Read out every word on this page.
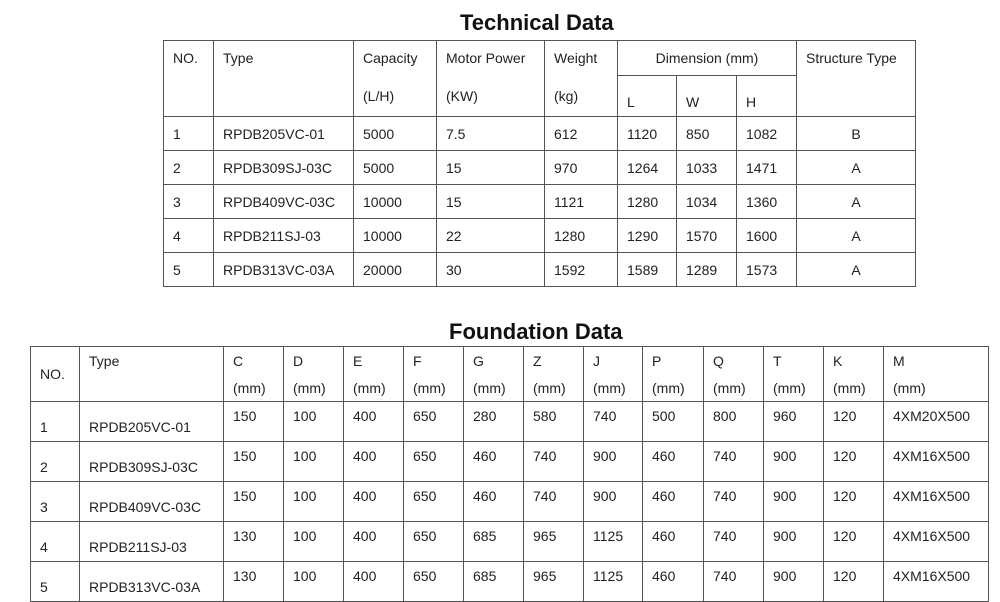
Technical Data
NO.	Type	Capacity	Motor Power	Weight	Dimension (mm)			Structure Type
		(L/H)	(KW)	(kg)	L	W	H	
1	RPDB205VC-01	5000	7.5	612	1120	850	1082	B
2	RPDB309SJ-03C	5000	15	970	1264	1033	1471	A
3	RPDB409VC-03C	10000	15	1121	1280	1034	1360	A
4	RPDB211SJ-03	10000	22	1280	1290	1570	1600	A
5	RPDB313VC-03A	20000	30	1592	1589	1289	1573	A
Foundation Data
NO.	Type	C	D	E	F	G	Z	J	P	Q	T	K	M
		(mm)	(mm)	(mm)	(mm)	(mm)	(mm)	(mm)	(mm)	(mm)	(mm)	(mm)	(mm)
1	RPDB205VC-01	150	100	400	650	280	580	740	500	800	960	120	4XM20X500
2	RPDB309SJ-03C	150	100	400	650	460	740	900	460	740	900	120	4XM16X500
3	RPDB409VC-03C	150	100	400	650	460	740	900	460	740	900	120	4XM16X500
4	RPDB211SJ-03	130	100	400	650	685	965	1125	460	740	900	120	4XM16X500
5	RPDB313VC-03A	130	100	400	650	685	965	1125	460	740	900	120	4XM16X500
